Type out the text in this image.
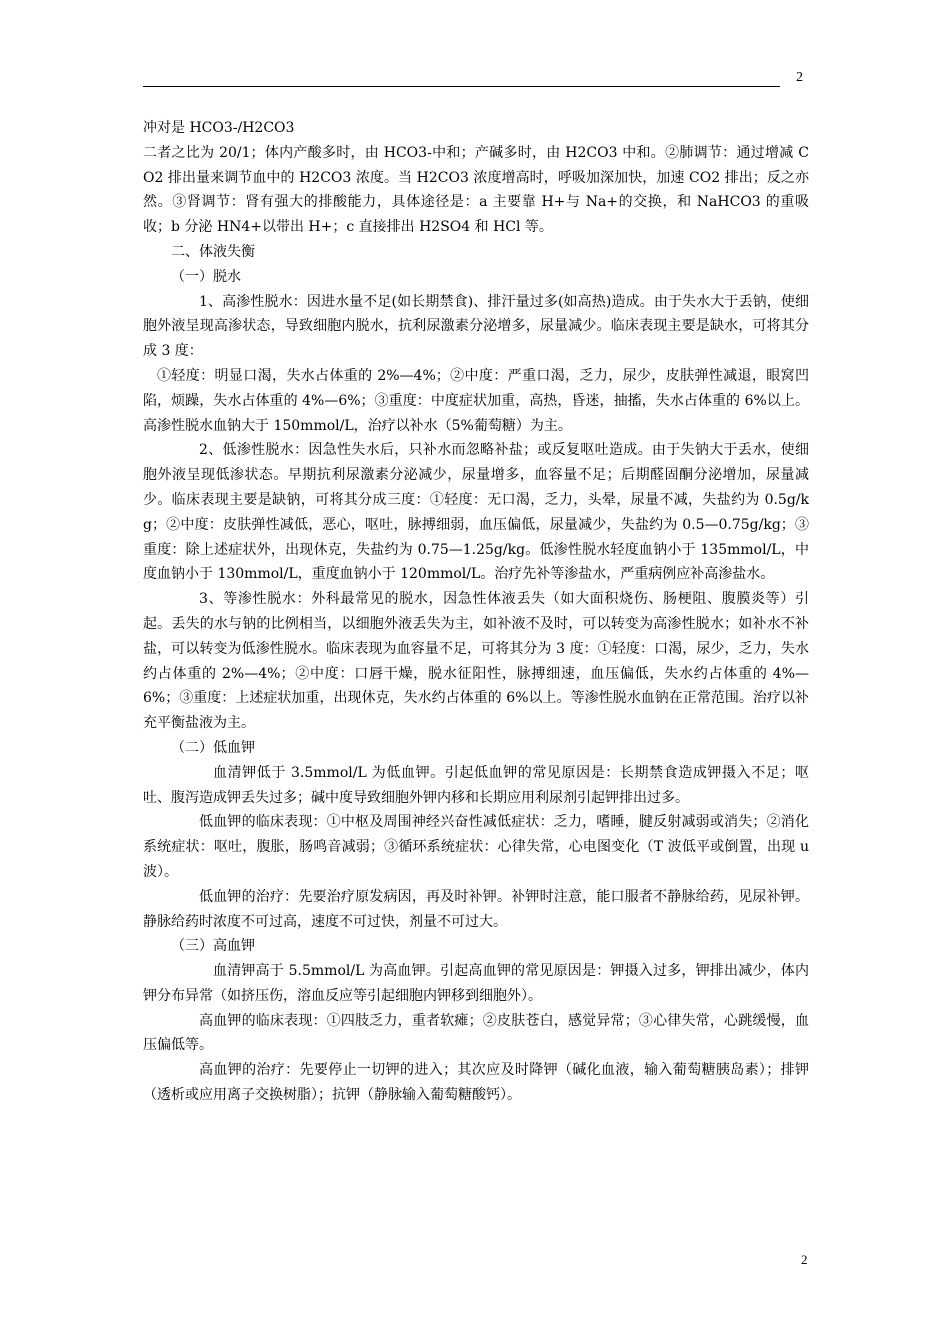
2

冲对是 HCO3-/H2CO3

二者之比为 20/1；体内产酸多时，由 HCO3-中和；产碱多时，由 H2CO3 中和。②肺调节：通过增减 CO2 排出量来调节血中的 H2CO3 浓度。当 H2CO3 浓度增高时，呼吸加深加快，加速 CO2 排出；反之亦然。③肾调节：肾有强大的排酸能力，具体途径是：a 主要靠 H+与 Na+的交换，和 NaHCO3 的重吸收；b 分泌 HN4+以带出 H+；c 直接排出 H2SO4 和 HCl 等。

二、体液失衡

（一）脱水

1、高渗性脱水：因进水量不足(如长期禁食)、排汗量过多(如高热)造成。由于失水大于丢钠，使细胞外液呈现高渗状态，导致细胞内脱水，抗利尿激素分泌增多，尿量减少。临床表现主要是缺水，可将其分成 3 度：

①轻度：明显口渴，失水占体重的 2%—4%；②中度：严重口渴，乏力，尿少，皮肤弹性减退，眼窝凹陷，烦躁，失水占体重的 4%—6%；③重度：中度症状加重，高热，昏迷，抽搐，失水占体重的 6%以上。高渗性脱水血钠大于 150mmol/L，治疗以补水（5%葡萄糖）为主。

2、低渗性脱水：因急性失水后，只补水而忽略补盐；或反复呕吐造成。由于失钠大于丢水，使细胞外液呈现低渗状态。早期抗利尿激素分泌减少，尿量增多，血容量不足；后期醛固酮分泌增加，尿量减少。临床表现主要是缺钠，可将其分成三度：①轻度：无口渴，乏力，头晕，尿量不减，失盐约为 0.5g/kg；②中度：皮肤弹性减低，恶心，呕吐，脉搏细弱，血压偏低，尿量减少，失盐约为 0.5—0.75g/kg；③重度：除上述症状外，出现休克，失盐约为 0.75—1.25g/kg。低渗性脱水轻度血钠小于 135mmol/L，中度血钠小于 130mmol/L，重度血钠小于 120mmol/L。治疗先补等渗盐水，严重病例应补高渗盐水。

3、等渗性脱水：外科最常见的脱水，因急性体液丢失（如大面积烧伤、肠梗阻、腹膜炎等）引起。丢失的水与钠的比例相当，以细胞外液丢失为主，如补液不及时，可以转变为高渗性脱水；如补水不补盐，可以转变为低渗性脱水。临床表现为血容量不足，可将其分为 3 度：①轻度：口渴，尿少，乏力，失水约占体重的 2%—4%；②中度：口唇干燥，脱水征阳性，脉搏细速，血压偏低，失水约占体重的 4%—6%；③重度：上述症状加重，出现休克，失水约占体重的 6%以上。等渗性脱水血钠在正常范围。治疗以补充平衡盐液为主。

（二）低血钾

血清钾低于 3.5mmol/L 为低血钾。引起低血钾的常见原因是：长期禁食造成钾摄入不足；呕吐、腹泻造成钾丢失过多；碱中度导致细胞外钾内移和长期应用利尿剂引起钾排出过多。

低血钾的临床表现：①中枢及周围神经兴奋性减低症状：乏力，嗜睡，腱反射减弱或消失；②消化系统症状：呕吐，腹胀，肠鸣音减弱；③循环系统症状：心律失常，心电图变化（T 波低平或倒置，出现 u 波）。

低血钾的治疗：先要治疗原发病因，再及时补钾。补钾时注意，能口服者不静脉给药，见尿补钾。静脉给药时浓度不可过高，速度不可过快，剂量不可过大。

（三）高血钾

血清钾高于 5.5mmol/L 为高血钾。引起高血钾的常见原因是：钾摄入过多，钾排出减少，体内钾分布异常（如挤压伤，溶血反应等引起细胞内钾移到细胞外）。

高血钾的临床表现：①四肢乏力，重者软瘫；②皮肤苍白，感觉异常；③心律失常，心跳缓慢，血压偏低等。

高血钾的治疗：先要停止一切钾的进入；其次应及时降钾（碱化血液，输入葡萄糖胰岛素）；排钾（透析或应用离子交换树脂）；抗钾（静脉输入葡萄糖酸钙）。

2
